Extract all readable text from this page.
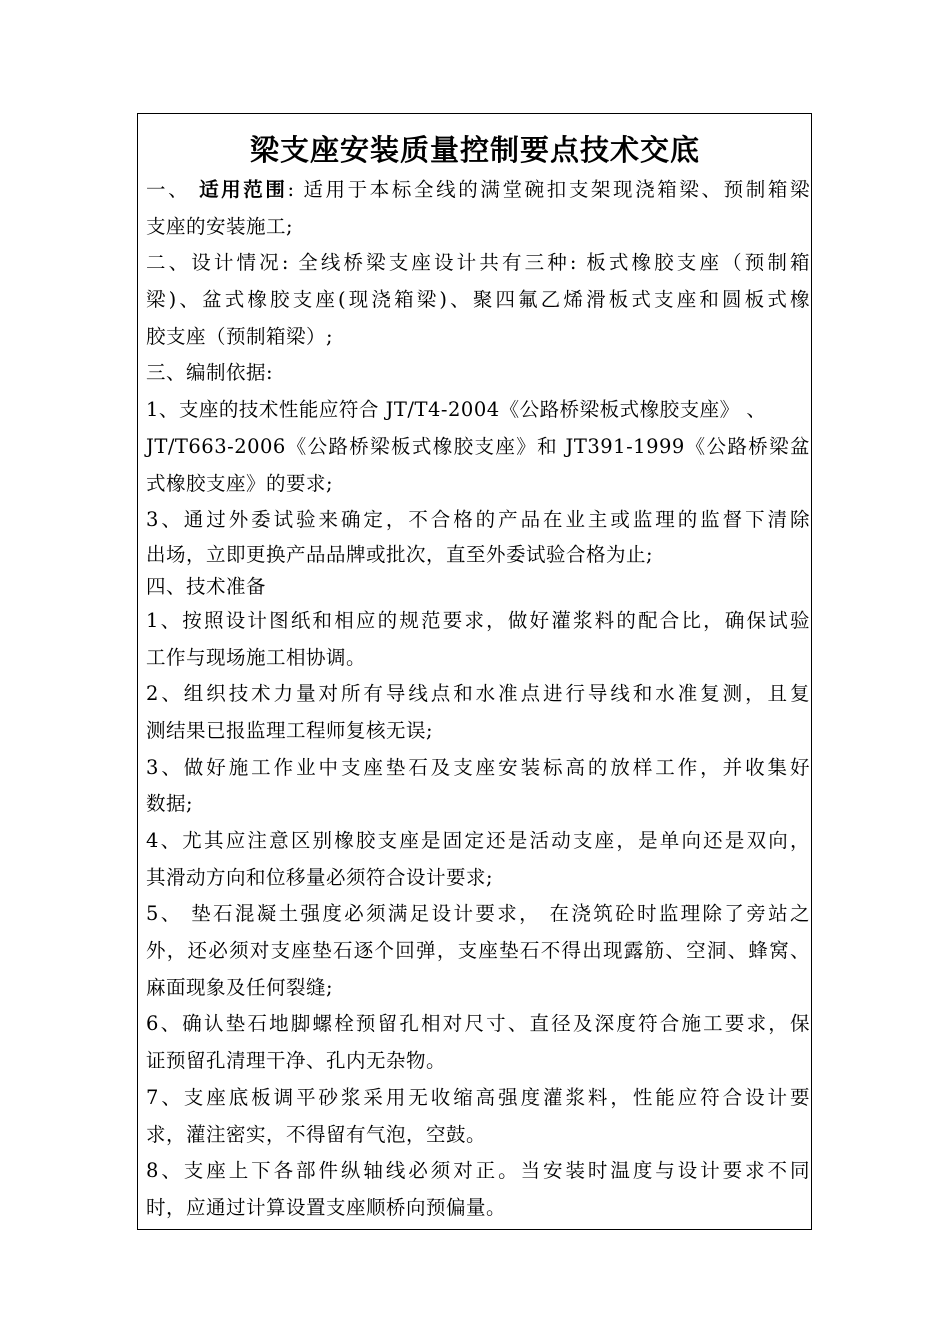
梁支座安装质量控制要点技术交底
一、 适用范围: 适用于本标全线的满堂碗扣支架现浇箱梁、预制箱梁
支座的安装施工;
二、设计情况: 全线桥梁支座设计共有三种: 板式橡胶支座（预制箱
梁)、盆式橡胶支座(现浇箱梁)、聚四氟乙烯滑板式支座和圆板式橡
胶支座（预制箱梁）;
三、编制依据:
1、支座的技术性能应符合 JT/T4-2004《公路桥梁板式橡胶支座》 、
JT/T663-2006《公路桥梁板式橡胶支座》和 JT391-1999《公路桥梁盆
式橡胶支座》的要求;
3、通过外委试验来确定，不合格的产品在业主或监理的监督下清除
出场，立即更换产品品牌或批次，直至外委试验合格为止;
四、技术准备
1、按照设计图纸和相应的规范要求，做好灌浆料的配合比，确保试验
工作与现场施工相协调。
2、组织技术力量对所有导线点和水准点进行导线和水准复测，且复
测结果已报监理工程师复核无误;
3、做好施工作业中支座垫石及支座安装标高的放样工作，并收集好
数据;
4、尤其应注意区别橡胶支座是固定还是活动支座，是单向还是双向，
其滑动方向和位移量必须符合设计要求;
5、 垫石混凝土强度必须满足设计要求， 在浇筑砼时监理除了旁站之
外，还必须对支座垫石逐个回弹，支座垫石不得出现露筋、空洞、蜂窝、
麻面现象及任何裂缝;
6、确认垫石地脚螺栓预留孔相对尺寸、直径及深度符合施工要求，保
证预留孔清理干净、孔内无杂物。
7、支座底板调平砂浆采用无收缩高强度灌浆料，性能应符合设计要
求，灌注密实，不得留有气泡，空鼓。
8、支座上下各部件纵轴线必须对正。当安装时温度与设计要求不同
时，应通过计算设置支座顺桥向预偏量。
